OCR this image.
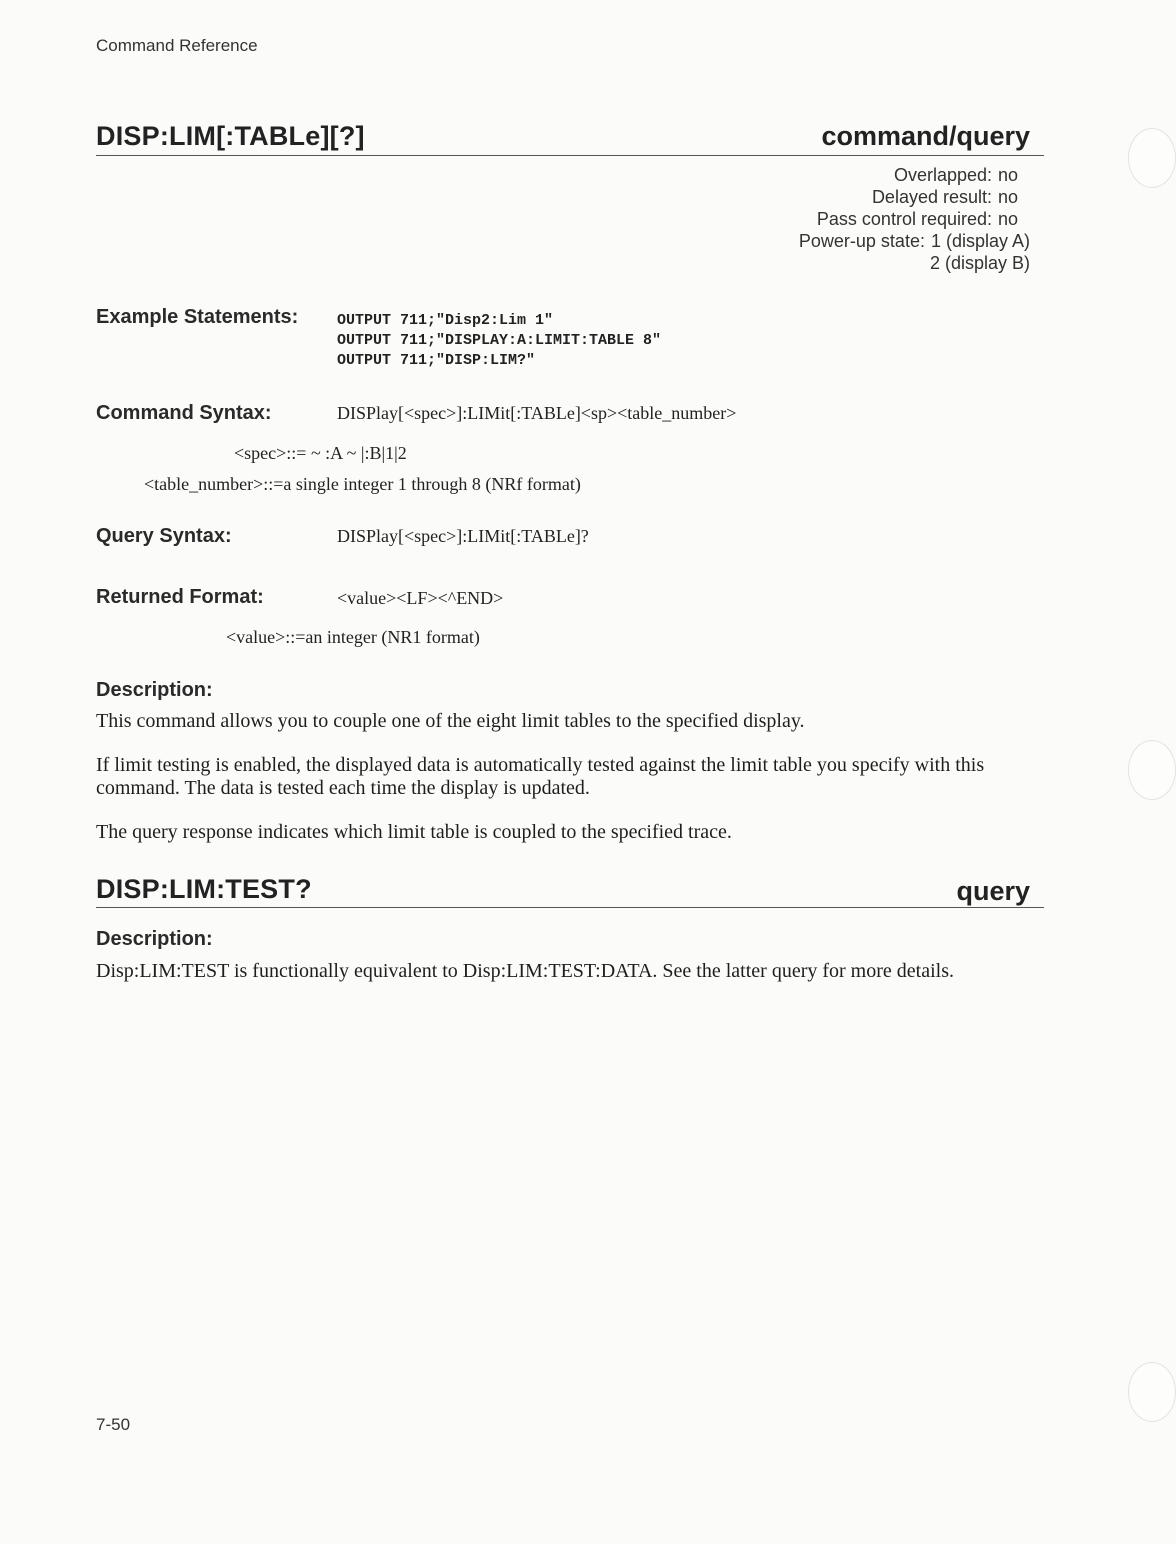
Command Reference
DISP:LIM[:TABLe][?]	command/query
Overlapped: no
Delayed result: no
Pass control required: no
Power-up state: 1 (display A)
2 (display B)
Example Statements:	OUTPUT 711;"Disp2:Lim 1"
OUTPUT 711;"DISPLAY:A:LIMIT:TABLE 8"
OUTPUT 711;"DISP:LIM?"
Command Syntax:	DISPlay[<spec>]:LIMit[:TABLe]<sp><table_number>
<spec>::= ~ :A ~ |:B|1|2
<table_number>::=a single integer 1 through 8 (NRf format)
Query Syntax:	DISPlay[<spec>]:LIMit[:TABLe]?
Returned Format:	<value><LF><^END>
<value>::=an integer (NR1 format)
Description:
This command allows you to couple one of the eight limit tables to the specified display.
If limit testing is enabled, the displayed data is automatically tested against the limit table you specify with this command. The data is tested each time the display is updated.
The query response indicates which limit table is coupled to the specified trace.
DISP:LIM:TEST?	query
Description:
Disp:LIM:TEST is functionally equivalent to Disp:LIM:TEST:DATA. See the latter query for more details.
7-50
